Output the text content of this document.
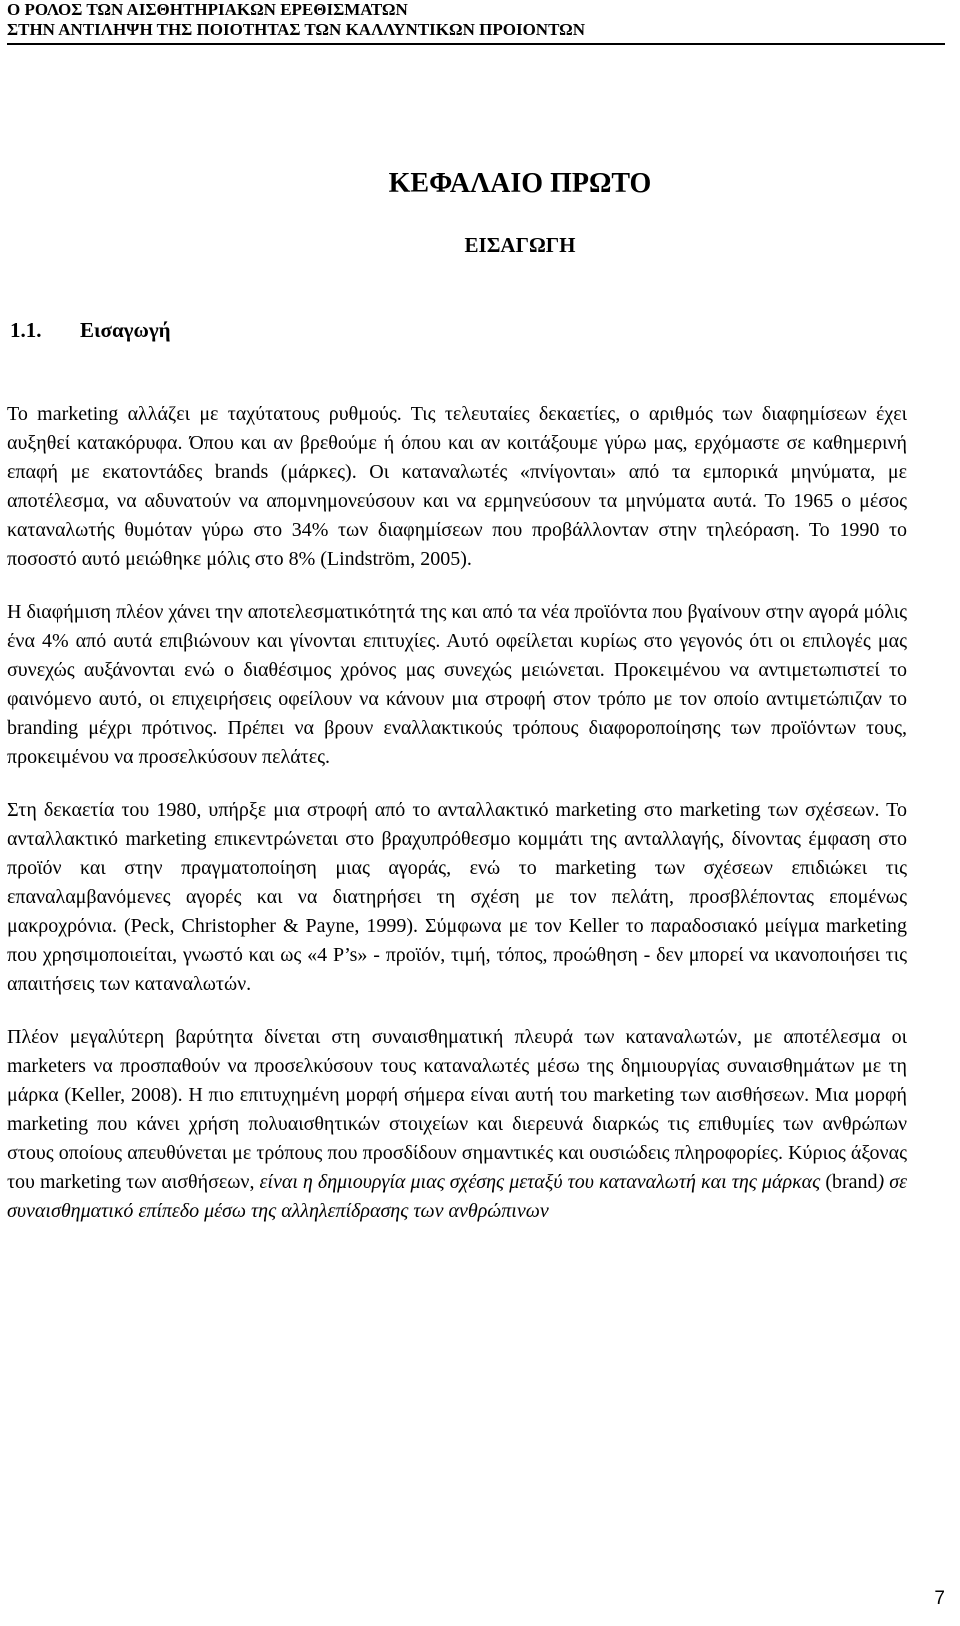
Ο ΡΟΛΟΣ ΤΩΝ ΑΙΣΘΗΤΗΡΙΑΚΩΝ ΕΡΕΘΙΣΜΑΤΩΝ
ΣΤΗΝ ΑΝΤΙΛΗΨΗ ΤΗΣ ΠΟΙΟΤΗΤΑΣ ΤΩΝ ΚΑΛΛΥΝΤΙΚΩΝ ΠΡΟΙΟΝΤΩΝ
ΚΕΦΑΛΑΙΟ ΠΡΩΤΟ
ΕΙΣΑΓΩΓΗ
1.1. Εισαγωγή

Το marketing αλλάζει με ταχύτατους ρυθμούς. Τις τελευταίες δεκαετίες, ο αριθμός των διαφημίσεων έχει αυξηθεί κατακόρυφα. Όπου και αν βρεθούμε ή όπου και αν κοιτάξουμε γύρω μας, ερχόμαστε σε καθημερινή επαφή με εκατοντάδες brands (μάρκες). Οι καταναλωτές «πνίγονται» από τα εμπορικά μηνύματα, με αποτέλεσμα, να αδυνατούν να απομνημονεύσουν και να ερμηνεύσουν τα μηνύματα αυτά. Το 1965 ο μέσος καταναλωτής θυμόταν γύρω στο 34% των διαφημίσεων που προβάλλονταν στην τηλεόραση. Το 1990 το ποσοστό αυτό μειώθηκε μόλις στο 8% (Lindström, 2005).

Η διαφήμιση πλέον χάνει την αποτελεσματικότητά της και από τα νέα προϊόντα που βγαίνουν στην αγορά μόλις ένα 4% από αυτά επιβιώνουν και γίνονται επιτυχίες. Αυτό οφείλεται κυρίως στο γεγονός ότι οι επιλογές μας συνεχώς αυξάνονται ενώ ο διαθέσιμος χρόνος μας συνεχώς μειώνεται. Προκειμένου να αντιμετωπιστεί το φαινόμενο αυτό, οι επιχειρήσεις οφείλουν να κάνουν μια στροφή στον τρόπο με τον οποίο αντιμετώπιζαν το branding μέχρι πρότινος. Πρέπει να βρουν εναλλακτικούς τρόπους διαφοροποίησης των προϊόντων τους, προκειμένου να προσελκύσουν πελάτες.

Στη δεκαετία του 1980, υπήρξε μια στροφή από το ανταλλακτικό marketing στο marketing των σχέσεων. Το ανταλλακτικό marketing επικεντρώνεται στο βραχυπρόθεσμο κομμάτι της ανταλλαγής, δίνοντας έμφαση στο προϊόν και στην πραγματοποίηση μιας αγοράς, ενώ το marketing των σχέσεων επιδιώκει τις επαναλαμβανόμενες αγορές και να διατηρήσει τη σχέση με τον πελάτη, προσβλέποντας επομένως μακροχρόνια. (Peck, Christopher & Payne, 1999). Σύμφωνα με τον Keller το παραδοσιακό μείγμα marketing που χρησιμοποιείται, γνωστό και ως «4 P’s» - προϊόν, τιμή, τόπος, προώθηση - δεν μπορεί να ικανοποιήσει τις απαιτήσεις των καταναλωτών.

Πλέον μεγαλύτερη βαρύτητα δίνεται στη συναισθηματική πλευρά των καταναλωτών, με αποτέλεσμα οι marketers να προσπαθούν να προσελκύσουν τους καταναλωτές μέσω της δημιουργίας συναισθημάτων με τη μάρκα (Keller, 2008). Η πιο επιτυχημένη μορφή σήμερα είναι αυτή του marketing των αισθήσεων. Μια μορφή marketing που κάνει χρήση πολυαισθητικών στοιχείων και διερευνά διαρκώς τις επιθυμίες των ανθρώπων στους οποίους απευθύνεται με τρόπους που προσδίδουν σημαντικές και ουσιώδεις πληροφορίες. Κύριος άξονας του marketing των αισθήσεων, είναι η δημιουργία μιας σχέσης μεταξύ του καταναλωτή και της μάρκας (brand) σε συναισθηματικό επίπεδο μέσω της αλληλεπίδρασης των ανθρώπινων

7
